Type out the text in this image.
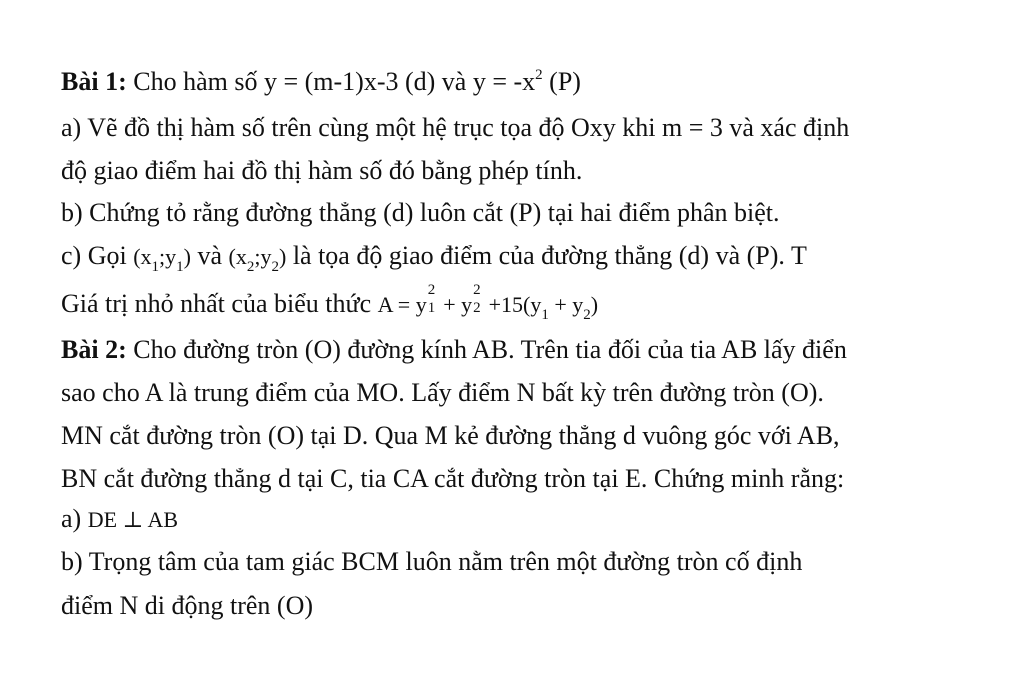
Bài 1: Cho hàm số y = (m-1)x-3 (d) và $y = -x^2$ (P)
a) Vẽ đồ thị hàm số trên cùng một hệ trục tọa độ Oxy khi m = 3 và xác định
độ giao điểm hai đồ thị hàm số đó bằng phép tính.
b) Chứng tỏ rằng đường thẳng (d) luôn cắt (P) tại hai điểm phân biệt.
c) Gọi $(x_1;y_1)$ và $(x_2;y_2)$ là tọa độ giao điểm của đường thẳng (d) và (P). T
Giá trị nhỏ nhất của biểu thức A = y
2
1 + y
2
$2 +15(y_1 + y_2)$
Bài 2: Cho đường tròn (O) đường kính AB. Trên tia đối của tia AB lấy điển
sao cho A là trung điểm của MO. Lấy điểm N bất kỳ trên đường tròn (O).
MN cắt đường tròn (O) tại D. Qua M kẻ đường thẳng d vuông góc với AB,
BN cắt đường thẳng d tại C, tia CA cắt đường tròn tại E. Chứng minh rằng:
a) DE ⊥ AB
b) Trọng tâm của tam giác BCM luôn nằm trên một đường tròn cố định
điểm N di động trên (O)
